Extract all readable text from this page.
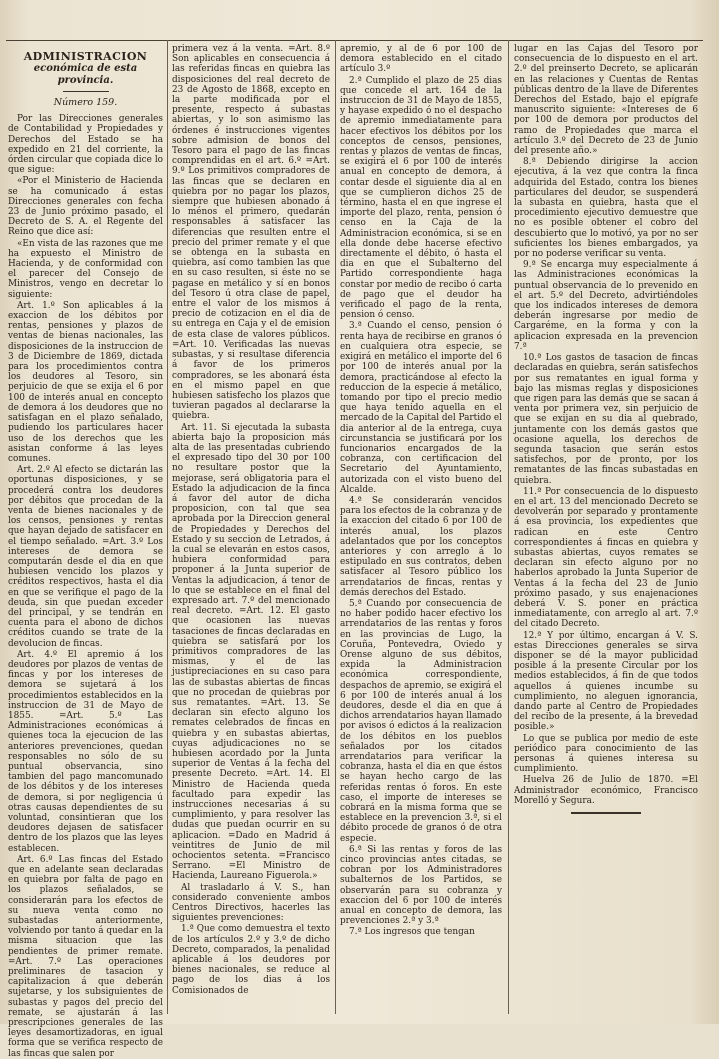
ADMINISTRACION
económica de esta provincia.
Número 159.

Por las Direcciones generales de Contabilidad y Propiedades y Derechos del Estado se ha expedido en 21 del corriente, la órden circular que copiada dice lo que sigue:

«Por el Ministerio de Hacienda se ha comunicado á estas Direcciones generales con fecha 23 de Junio próximo pasado, el Decreto de S. A. el Regente del Reino que dice así:

«En vista de las razones que me ha expuesto el Ministro de Hacienda, y de conformidad con el parecer del Consejo de Ministros, vengo en decretar lo siguiente:

Art. 1.º Son aplicables á la exaccion de los débitos por rentas, pensiones y plazos de ventas de bienas nacionales, las disposiciones de la instruccion de 3 de Diciembre de 1869, dictada para los procedimientos contra los deudores al Tesoro, sin perjuicio de que se exija el 6 por 100 de interés anual en concepto de demora á los deudores que no satisfagan en el plazo señalado, pudiendo los particulares hacer uso de los derechos que les asistan conforme á las leyes comunes.

Art. 2.º Al efecto se dictarán las oportunas disposiciones, y se procederá contra los deudores por débitos que procedan de la venta de bienes nacionales y de los censos, pensiones y rentas que hayan dejado de satisfacer en el tiempo señalado. =Art. 3.º Los intereses de demora se computarán desde el dia en que hubiesen vencido los plazos y créditos respectivos, hasta el dia en que se verifique el pago de la deuda, sin que puedan exceder del principal, y se tendrán en cuenta para el abono de dichos créditos cuando se trate de la devolucion de fincas.

Art. 4.º El apremio á los deudores por plazos de ventas de fincas y por los intereses de demora se sujetará á los procedimientos establecidos en la instruccion de 31 de Mayo de 1855. =Art. 5.º Las Administraciones económicas á quienes toca la ejecucion de las anteriores prevenciones, quedan responsables no sólo de su puntual observancia, sino tambien del pago mancomunado de los débitos y de los intereses de demora, si por negligencia ú otras causas dependientes de su voluntad, consintieran que los deudores dejasen de satisfacer dentro de los plazos que las leyes establecen.

Art. 6.º Las fincas del Estado que en adelante sean declaradas en quiebra por falta de pago en los plazos señalados, se considerarán para los efectos de su nueva venta como no subastadas anteriormente, volviendo por tanto á quedar en la misma situacion que las pendientes de primer remate. =Art. 7.º Las operaciones preliminares de tasacion y capitalizacion á que deberán sujetarse, y los subsiguientes de subastas y pagos del precio del remate, se ajustarán á las prescripciones generales de las leyes desamortizadoras, en igual forma que se verifica respecto de las fincas que salen por

primera vez á la venta. =Art. 8.º Son aplicables en consecuencia á las referidas fincas en quiebra las disposiciones del real decreto de 23 de Agosto de 1868, excepto en la parte modificada por el presente, respecto á subastas abiertas, y lo son asimismo las órdenes é instrucciones vigentes sobre admision de bonos del Tesoro para el pago de las fincas comprendidas en el art. 6.º =Art. 9.º Los primitivos compradores de las fincas que se declaren en quiebra por no pagar los plazos, siempre que hubiesen abonado á lo ménos el primero, quedarán responsables á satisfacer las diferencias que resulten entre el precio del primer remate y el que se obtenga en la subasta en quiebra, así como tambien las que en su caso resulten, si éste no se pagase en metálico y sí en bonos del Tesoro ú otra clase de papel, entre el valor de los mismos á precio de cotizacion en el dia de su entrega en Caja y el de emision de esta clase de valores públicos. =Art. 10. Verificadas las nuevas subastas, y si resultase diferencia á favor de los primeros compradores, se les abonará ésta en el mismo papel en que hubiesen satisfecho los plazos que tuvieran pagados al declararse la quiebra.

Art. 11. Si ejecutada la subasta abierta bajo la proposicion más alta de las presentadas cubriendo el expresado tipo del 30 por 100 no resultare postor que la mejorase, será obligatoria para el Estado la adjudicacion de la finca á favor del autor de dicha proposicion, con tal que sea aprobada por la Direccion general de Propiedades y Derechos del Estado y su seccion de Letrados, á la cual se elevarán en estos casos, hubiera conformidad para proponer á la Junta superior de Ventas la adjudicacion, á tenor de lo que se establece en el final del expresado art. 7.º del mencionado real decreto. =Art. 12. El gasto que ocasionen las nuevas tasaciones de fincas declaradas en quiebra se satisfará por los primitivos compradores de las mismas, y el de las justipreciaciones en su caso para las de subastas abiertas de fincas que no procedan de quiebras por sus rematantes. =Art. 13. Se declaran sin efecto alguno los remates celebrados de fincas en quiebra y en subastas abiertas, cuyas adjudicaciones no se hubiesen acordado por la Junta superior de Ventas á la fecha del presente Decreto. =Art. 14. El Ministro de Hacienda queda facultado para expedir las instrucciones necesarias á su cumplimiento, y para resolver las dudas que puedan ocurrir en su aplicacion. =Dado en Madrid á veintitres de Junio de mil ochocientos setenta. =Francisco Serrano. =El Ministro de Hacienda, Laureano Figuerola.»

Al trasladarlo á V. S., han considerado conveniente ambos Centros Directivos, hacerles las siguientes prevenciones:

1.ª Que como demuestra el texto de los artículos 2.º y 3.º de dicho Decreto, comparados, la penalidad aplicable á los deudores por bienes nacionales, se reduce al pago de los dias á los Comisionados de

apremio, y al de 6 por 100 de demora establecido en el citado artículo 3.º

2.ª Cumplido el plazo de 25 dias que concede el art. 164 de la instruccion de 31 de Mayo de 1855, y hayase expedido ó no el despacho de apremio inmediatamente para hacer efectivos los débitos por los conceptos de censos, pensiones, rentas y plazos de ventas de fincas, se exigirá el 6 por 100 de interés anual en concepto de demora, á contar desde el siguiente dia al en que se cumplieron dichos 25 de término, hasta el en que ingrese el importe del plazo, renta, pension ó censo en la Caja de la Administracion económica, si se en ella donde debe hacerse efectivo directamente el débito, ó hasta el dia en que el Subalterno del Partido correspondiente haga constar por medio de recibo ó carta de pago que el deudor ha verificado el pago de la renta, pension ó censo.

3.ª Cuando el censo, pension ó renta haya de recibirse en granos ó en cualquiera otra especie, se exigirá en metálico el importe del 6 por 100 de interés anual por la demora, practicándose al efecto la reduccion de la especie á metálico, tomando por tipo el precio medio que haya tenido aquella en el mercado de la Capital del Partido el dia anterior al de la entrega, cuya circunstancia se justificará por los funcionarios encargados de la cobranza, con certificacion del Secretario del Ayuntamiento, autorizada con el visto bueno del Alcalde.

4.ª Se considerarán vencidos para los efectos de la cobranza y de la exaccion del citado 6 por 100 de interés anual, los plazos adelantados que por los conceptos anteriores y con arreglo á lo estipulado en sus contratos, deben satisfacer al Tesoro público los arrendatarios de fincas, rentas y demás derechos del Estado.

5.ª Cuando por consecuencia de no haber podido hacer efectivo los arrendatarios de las rentas y foros en las provincias de Lugo, la Coruña, Pontevedra, Oviedo y Orense alguno de sus débitos, expida la Administracion económica correspondiente, despachos de apremio, se exigirá el 6 por 100 de interés anual á los deudores, desde el dia en que á dichos arrendatarios hayan llamado por avisos ó edictos á la realizacion de los débitos en los pueblos señalados por los citados arrendatarios para verificar la cobranza, hasta el dia en que éstos se hayan hecho cargo de las referidas rentas ó foros. En este caso, el importe de intereses se cobrará en la misma forma que se establece en la prevencion 3.ª, si el débito procede de granos ó de otra especie.

6.ª Si las rentas y foros de las cinco provincias antes citadas, se cobran por los Administradores subalternos de los Partidos, se observarán para su cobranza y exaccion del 6 por 100 de interés anual en concepto de demora, las prevenciones 2.ª y 3.ª

7.ª Los ingresos que tengan

lugar en las Cajas del Tesoro por consecuencia de lo dispuesto en el art. 2.º del preinserto Decreto, se aplicarán en las relaciones y Cuentas de Rentas públicas dentro de la llave de Diferentes Derechos del Estado, bajo el epígrafe manuscrito siguiente: «Intereses de 6 por 100 de demora por productos del ramo de Propiedades que marca el artículo 3.º del Decreto de 23 de Junio del presente año.»

8.ª Debiendo dirigirse la accion ejecutiva, á la vez que contra la finca adquirida del Estado, contra los bienes particulares del deudor, se suspenderá la subasta en quiebra, hasta que el procedimiento ejecutivo demuestre que no es posible obtener el cobro del descubierto que lo motivó, ya por no ser suficientes los bienes embargados, ya por no poderse verificar su venta.

9.ª Se encarga muy especialmente á las Administraciones económicas la puntual observancia de lo prevenido en el art. 5.º del Decreto, advirtiéndoles que los indicados intereses de demora deberán ingresarse por medio de Cargaréme, en la forma y con la aplicacion expresada en la prevencion 7.ª

10.ª Los gastos de tasacion de fincas declaradas en quiebra, serán satisfechos por sus rematantes en igual forma y bajo las mismas reglas y disposiciones que rigen para las demás que se sacan á venta por primera vez, sin perjuicio de que se exijan en su dia al quebrado, juntamente con los demás gastos que ocasione aquella, los derechos de segunda tasacion que serán estos satisfechos, por de pronto, por los rematantes de las fincas subastadas en quiebra.

11.ª Por consecuencia de lo dispuesto en el art. 13 del mencionado Decreto se devolverán por separado y prontamente á esa provincia, los expedientes que radican en este Centro correspondientes á fincas en quiebra y subastas abiertas, cuyos remates se declaran sin efecto alguno por no haberlos aprobado la Junta Superior de Ventas á la fecha del 23 de Junio próximo pasado, y sus enajenaciones deberá V. S. poner en práctica inmediatamente, con arreglo al art. 7.º del citado Decreto.

12.ª Y por último, encargan á V. S. estas Direcciones generales se sirva disponer se dé la mayor publicidad posible á la presente Circular por los medios establecidos, á fin de que todos aquellos á quienes incumbe su cumplimiento, no aleguen ignorancia, dando parte al Centro de Propiedades del recibo de la presente, á la brevedad posible.»

Lo que se publica por medio de este periódico para conocimiento de las personas á quienes interesa su cumplimiento.

Huelva 26 de Julio de 1870. =El Administrador económico, Francisco Morelló y Segura.
